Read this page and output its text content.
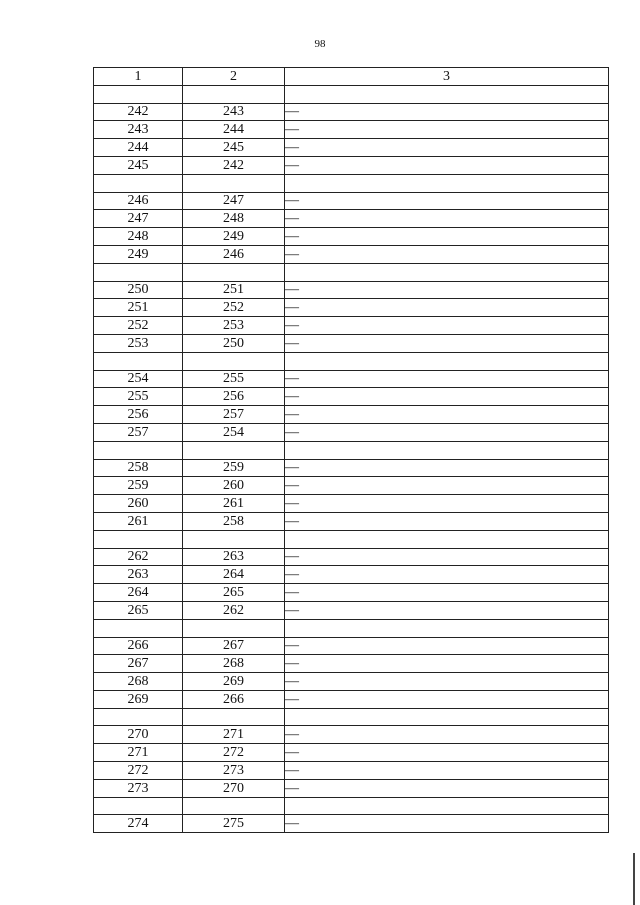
98
1	2	3

242	243	—
243	244	—
244	245	—
245	242	—

246	247	—
247	248	—
248	249	—
249	246	—

250	251	—
251	252	—
252	253	—
253	250	—

254	255	—
255	256	—
256	257	—
257	254	—

258	259	—
259	260	—
260	261	—
261	258	—

262	263	—
263	264	—
264	265	—
265	262	—

266	267	—
267	268	—
268	269	—
269	266	—

270	271	—
271	272	—
272	273	—
273	270	—

274	275	—
